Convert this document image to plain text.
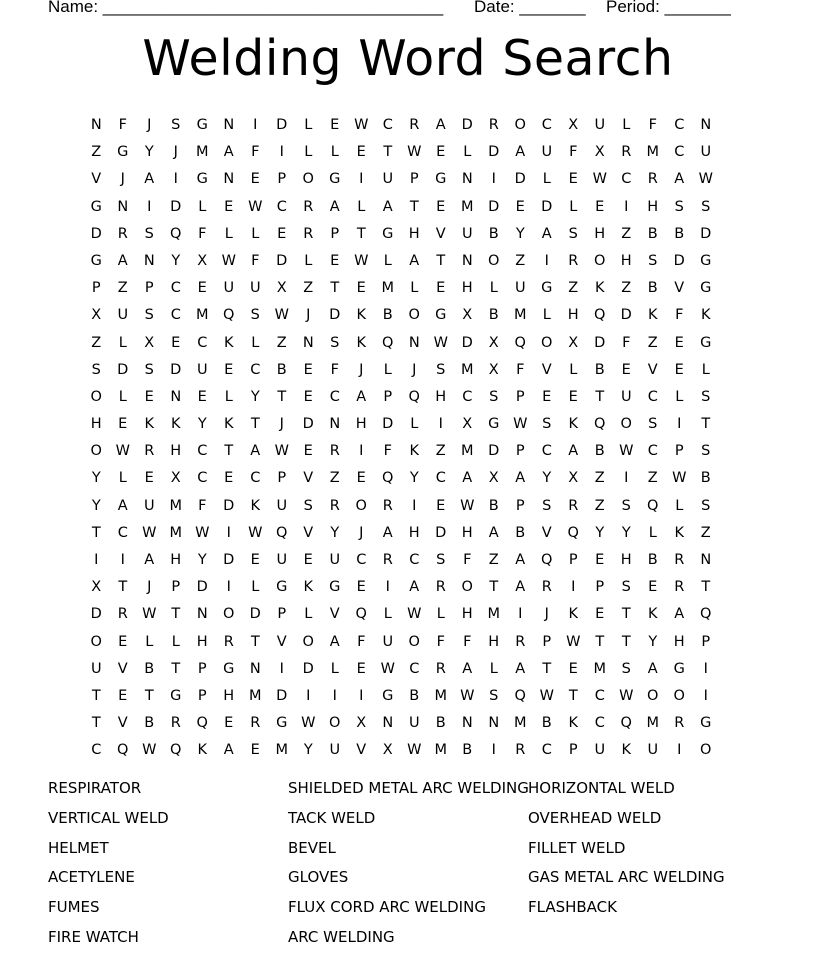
Name: ____________________________________ Date: _______ Period: _______
Welding Word Search
N	F	J	S	G	N	I	D	L	E	W C	R	A	D	R	O	C	X	U	L	F	C	N
Z	G	Y	J	M	A	F	I	L	L	E	T	W	E	L	D	A	U	F	X	R	M	C	U
V	J	A	I	G	N	E	P	O	G	I	U	P	G	N	I	D	L	E	W C	R	A W
G	N	I	D	L	E	W C	R	A	L	A	T	E	M	D	E	D	L	E	I	H	S	S
D	R	S	Q	F	L	L	E	R	P	T	G	H	V	U	B	Y	A	S	H	Z	B	B	D
G	A	N	Y	X W	F	D	L	E	W	L	A	T	N	O	Z	I	R	O	H	S	D	G
P	Z	P	C	E	U	U	X	Z	T	E	M	L	E	H	L	U	G	Z	K	Z	B	V	G
X	U	S	C	M	Q	S	W	J	D	K	B	O	G	X	B	M	L	H	Q	D	K	F	K
Z	L	X	E	C	K	L	Z	N	S	K	Q	N W D	X	Q	O	X	D	F	Z	E	G
S	D	S	D	U	E	C	B	E	F	J	L	J	S	M	X	F	V	L	B	E	V	E	L
O	L	E	N	E	L	Y	T	E	C	A	P	Q	H	C	S	P	E	E	T	U	C	L	S
H	E	K	K	Y	K	T	J	D	N	H	D	L	I	X	G W	S	K	Q	O	S	I	T
O W R	H	C	T	A W	E	R	I	F	K	Z	M	D	P	C	A	B W C	P	S
Y	L	E	X	C	E	C	P	V	Z	E	Q	Y	C	A	X	A	Y	X	Z	I	Z W B
Y	A	U	M	F	D	K	U	S	R	O	R	I	E	W B	P	S	R	Z	S	Q	L	S
T	C W M W	I	W Q	V	Y	J	A	H	D	H	A	B	V	Q	Y	Y	L	K	Z
I	I	A	H	Y	D	E	U	E	U	C	R	C	S	F	Z	A	Q	P	E	H	B	R	N
X	T	J	P	D	I	L	G	K	G	E	I	A	R	O	T	A	R	I	P	S	E	R	T
D	R W	T	N	O	D	P	L	V	Q	L	W	L	H	M	I	J	K	E	T	K	A	Q
O	E	L	L	H	R	T	V	O	A	F	U	O	F	F	H	R	P	W	T	T	Y	H	P
U	V	B	T	P	G	N	I	D	L	E	W C	R	A	L	A	T	E	M	S	A	G	I
T	E	T	G	P	H	M	D	I	I	I	G	B	M W	S	Q W	T	C W O	O	I
T	V	B	R	Q	E	R	G W O	X	N	U	B	N	N	M	B	K	C	Q	M	R	G
C	Q W Q	K	A	E	M	Y	U	V	X W M	B	I	R	C	P	U	K	U	I	O
RESPIRATOR
VERTICAL WELD
HELMET
ACETYLENE
FUMES
FIRE WATCH
SHIELDED METAL ARC WELDING
TACK WELD
BEVEL
GLOVES
FLUX CORD ARC WELDING
ARC WELDING
HORIZONTAL WELD
OVERHEAD WELD
FILLET WELD
GAS METAL ARC WELDING
FLASHBACK
